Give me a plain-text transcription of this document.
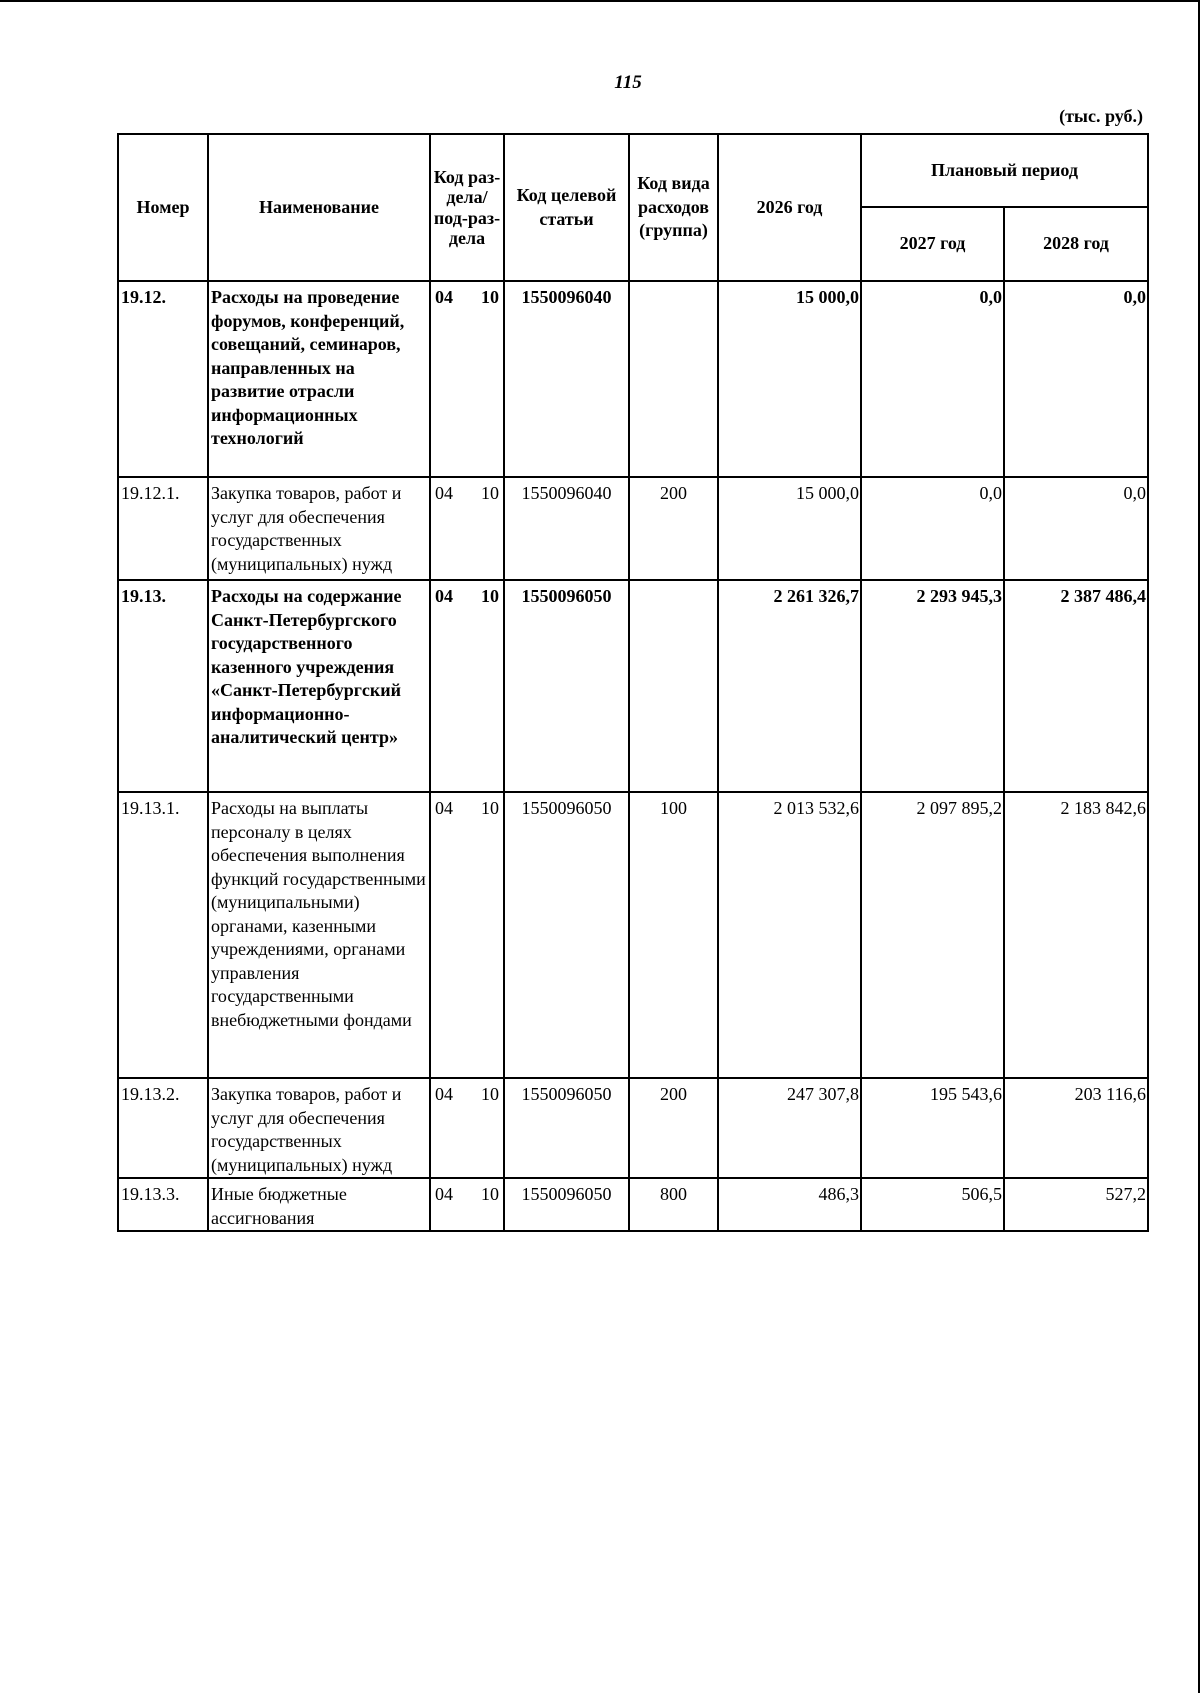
115
(тыс. руб.)
Номер	Наименование	Код раз-дела/ под-раз-дела	Код целевой статьи	Код вида расходов (группа)	2026 год	Плановый период	
						2027 год	2028 год
19.12.	Расходы на проведение форумов, конференций, совещаний, семинаров, направленных на развитие отрасли информационных технологий	04 10	1550096040		15 000,0	0,0	0,0
19.12.1.	Закупка товаров, работ и услуг для обеспечения государственных (муниципальных) нужд	04 10	1550096040	200	15 000,0	0,0	0,0
19.13.	Расходы на содержание Санкт-Петербургского государственного казенного учреждения «Санкт-Петербургский информационно-аналитический центр»	04 10	1550096050		2 261 326,7	2 293 945,3	2 387 486,4
19.13.1.	Расходы на выплаты персоналу в целях обеспечения выполнения функций государственными (муниципальными) органами, казенными учреждениями, органами управления государственными внебюджетными фондами	04 10	1550096050	100	2 013 532,6	2 097 895,2	2 183 842,6
19.13.2.	Закупка товаров, работ и услуг для обеспечения государственных (муниципальных) нужд	04 10	1550096050	200	247 307,8	195 543,6	203 116,6
19.13.3.	Иные бюджетные ассигнования	04 10	1550096050	800	486,3	506,5	527,2
